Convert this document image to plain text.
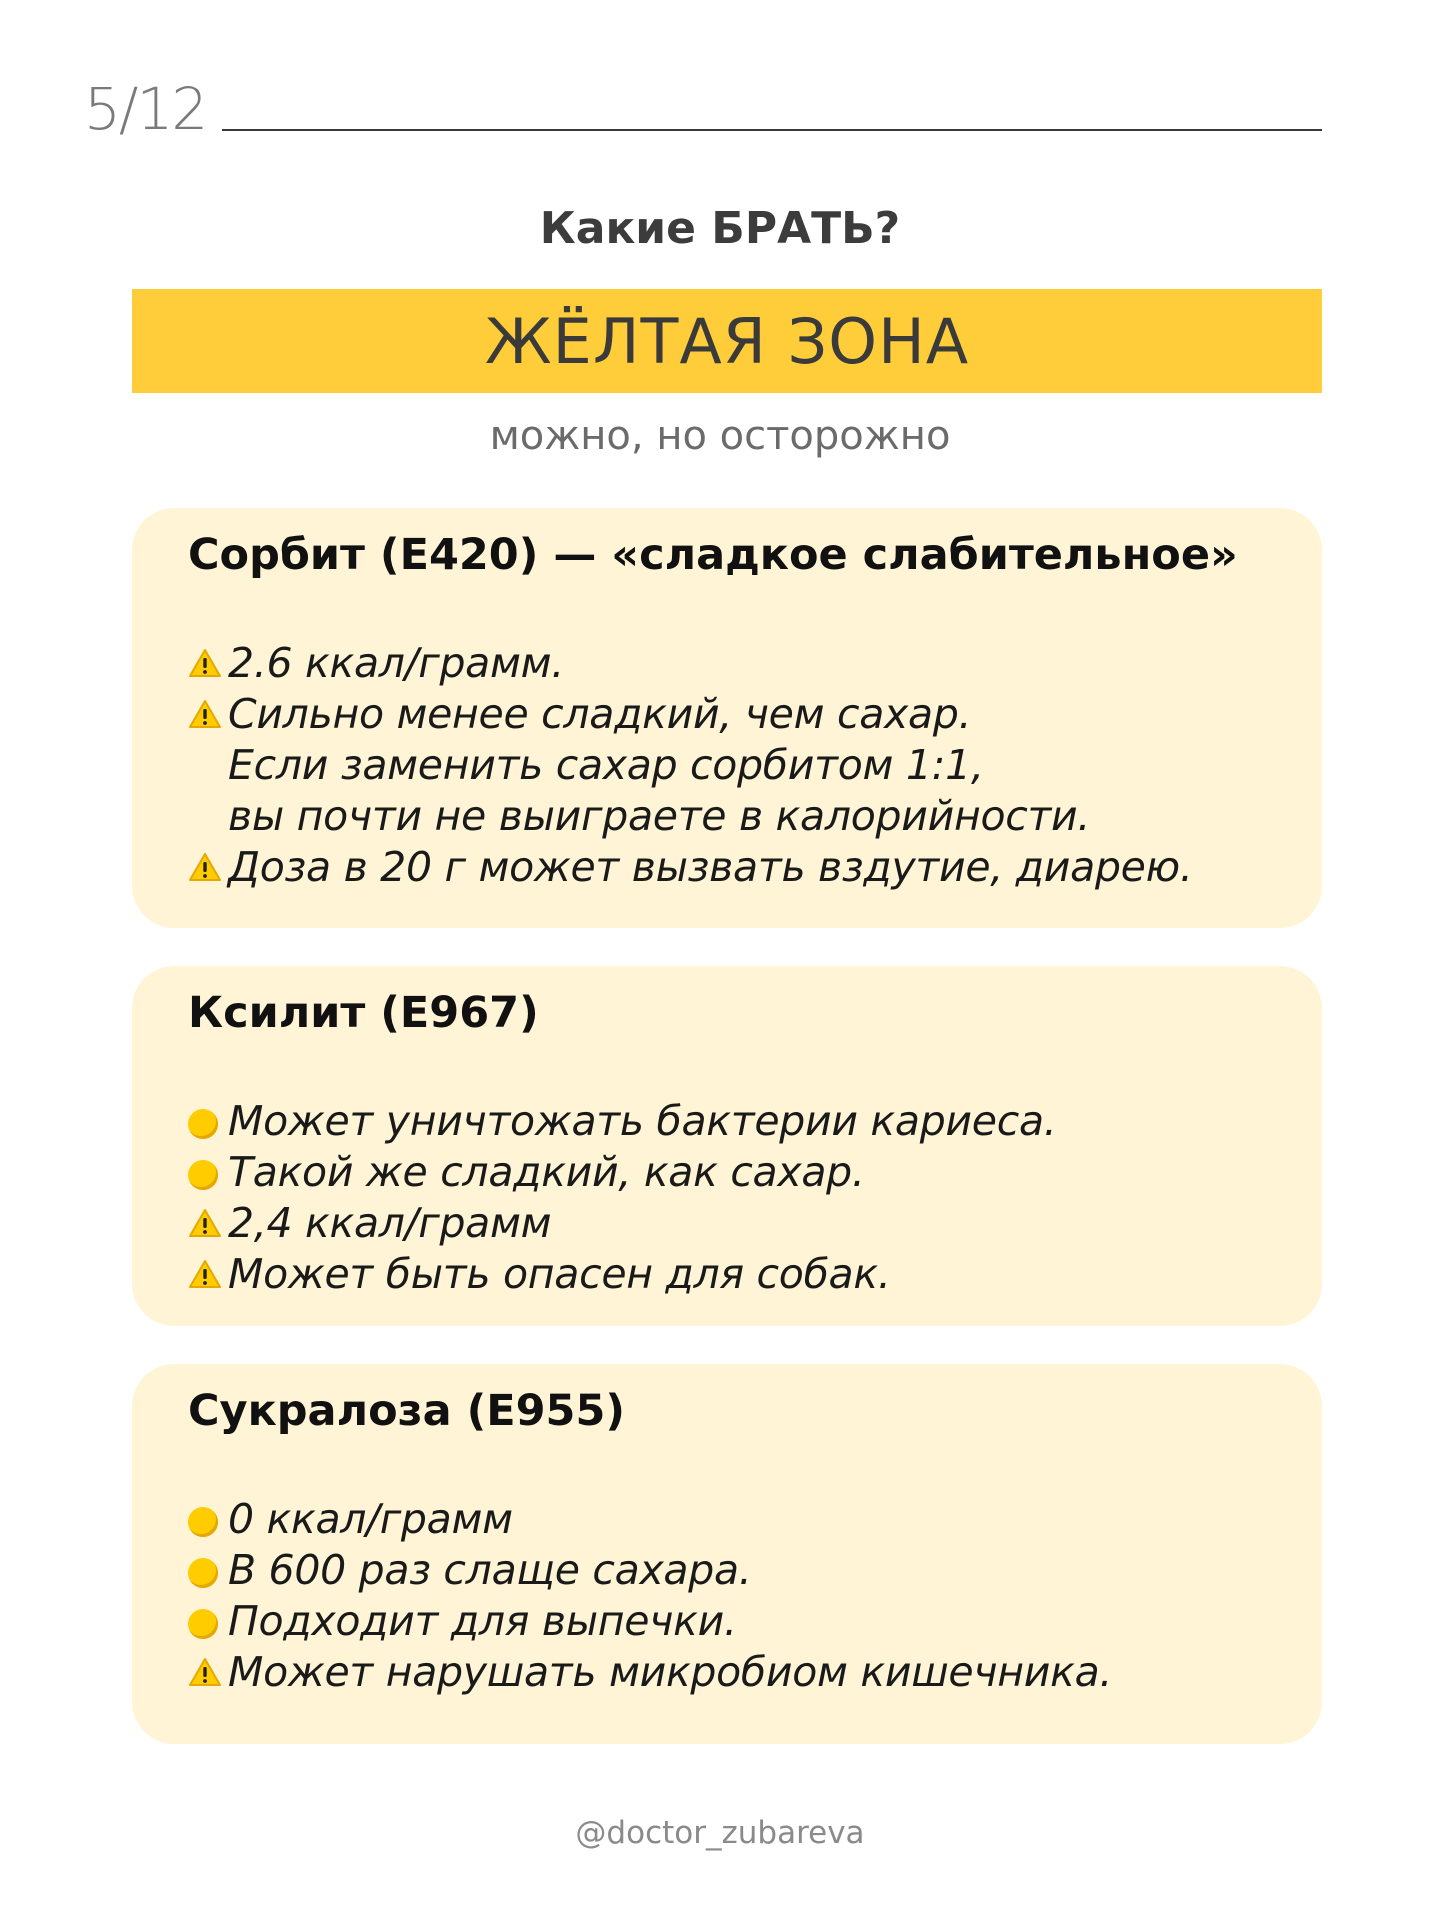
5/12
Какие БРАТЬ?
ЖЁЛТАЯ ЗОНА
можно, но осторожно
Сорбит (Е420) — «сладкое слабительное»
2.6 ккал/грамм.
Сильно менее сладкий, чем сахар.
Если заменить сахар сорбитом 1:1,
вы почти не выиграете в калорийности.
Доза в 20 г может вызвать вздутие, диарею.
Ксилит (Е967)
Может уничтожать бактерии кариеса.
Такой же сладкий, как сахар.
2,4 ккал/грамм
Может быть опасен для собак.
Сукралоза (Е955)
0 ккал/грамм
В 600 раз слаще сахара.
Подходит для выпечки.
Может нарушать микробиом кишечника.
@doctor_zubareva
